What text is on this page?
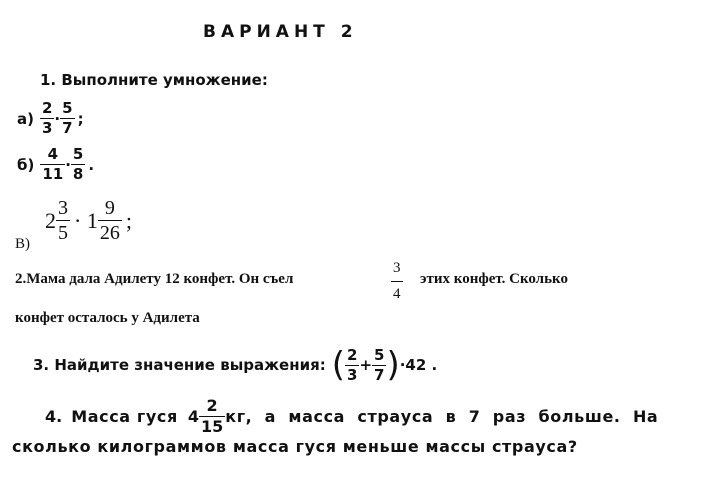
ВАРИАНТ 2
1. Выполните умножение:
$а) \frac{2}{3} \cdot \frac{5}{7}$ ;
$б) \frac{4}{11} \cdot \frac{5}{8}$ .
$2 \frac{3}{5} \cdot 1 \frac{9}{26}$ ;
В)
2.Мама дала Адилету 12 конфет. Он съел	$\frac{3}{4}$ этих конфет. Сколько
конфет осталось у Адилета
3. Найдите значение выражения: ( $\frac{2}{3} + \frac{5}{7}$ ) ·42 .
4. Масса гуся $4 \frac{2}{15}$ кг,  а  масса  страуса  в  7  раз  больше.  На
сколько килограммов масса гуся меньше массы страуса?
